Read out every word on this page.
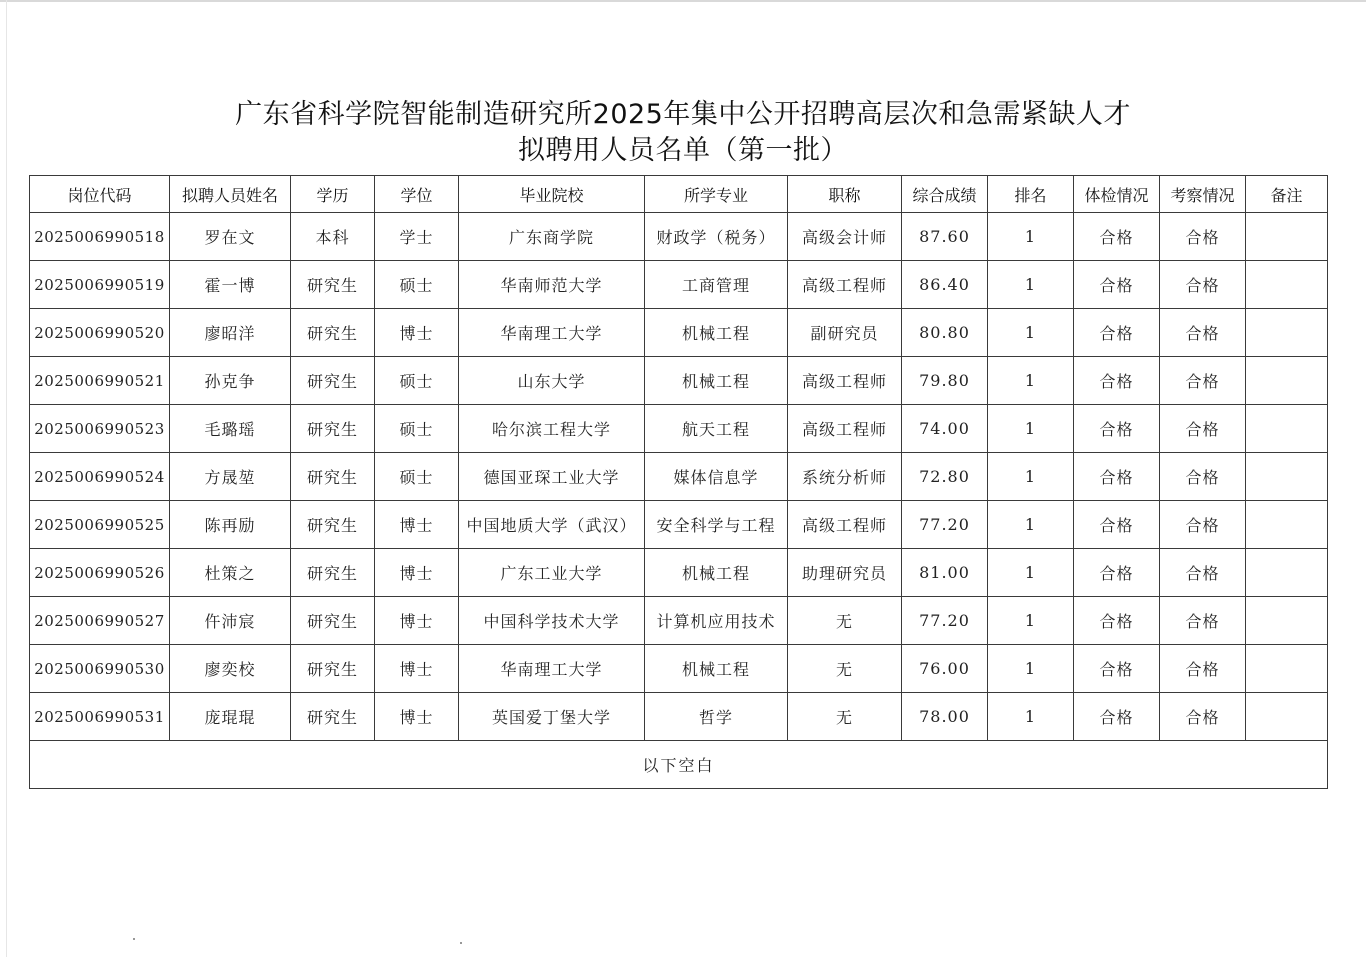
广东省科学院智能制造研究所2025年集中公开招聘高层次和急需紧缺人才
拟聘用人员名单（第一批）
岗位代码	拟聘人员姓名	学历	学位	毕业院校	所学专业	职称	综合成绩	排名	体检情况	考察情况	备注
2025006990518	罗在文	本科	学士	广东商学院	财政学（税务）	高级会计师	87.60	1	合格	合格	
2025006990519	霍一博	研究生	硕士	华南师范大学	工商管理	高级工程师	86.40	1	合格	合格	
2025006990520	廖昭洋	研究生	博士	华南理工大学	机械工程	副研究员	80.80	1	合格	合格	
2025006990521	孙克争	研究生	硕士	山东大学	机械工程	高级工程师	79.80	1	合格	合格	
2025006990523	毛璐瑶	研究生	硕士	哈尔滨工程大学	航天工程	高级工程师	74.00	1	合格	合格	
2025006990524	方晟堃	研究生	硕士	德国亚琛工业大学	媒体信息学	系统分析师	72.80	1	合格	合格	
2025006990525	陈再励	研究生	博士	中国地质大学（武汉）	安全科学与工程	高级工程师	77.20	1	合格	合格	
2025006990526	杜策之	研究生	博士	广东工业大学	机械工程	助理研究员	81.00	1	合格	合格	
2025006990527	仵沛宸	研究生	博士	中国科学技术大学	计算机应用技术	无	77.20	1	合格	合格	
2025006990530	廖奕校	研究生	博士	华南理工大学	机械工程	无	76.00	1	合格	合格	
2025006990531	庞琨琨	研究生	博士	英国爱丁堡大学	哲学	无	78.00	1	合格	合格	
以下空白											
